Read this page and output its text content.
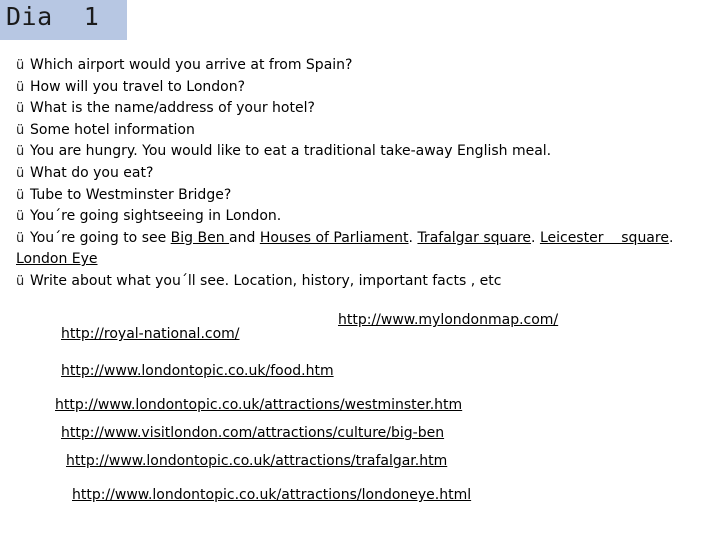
Dia  1
ü Which airport would you arrive at from Spain?
ü How will you travel to London?
ü What is the name/address of your hotel?
ü Some hotel information
ü You are hungry. You would like to eat a traditional take-away English meal.
ü What do you eat?
ü Tube to Westminster Bridge?
ü You´re going sightseeing in London.
ü You´re going to see Big Ben and Houses of Parliament. Trafalgar square. Leicester    square. London Eye
ü Write about what you´ll see. Location, history, important facts , etc
http://royal-national.com/
http://www.mylondonmap.com/
http://www.londontopic.co.uk/food.htm
http://www.londontopic.co.uk/attractions/westminster.htm
http://www.visitlondon.com/attractions/culture/big-ben
http://www.londontopic.co.uk/attractions/trafalgar.htm
http://www.londontopic.co.uk/attractions/londoneye.html
